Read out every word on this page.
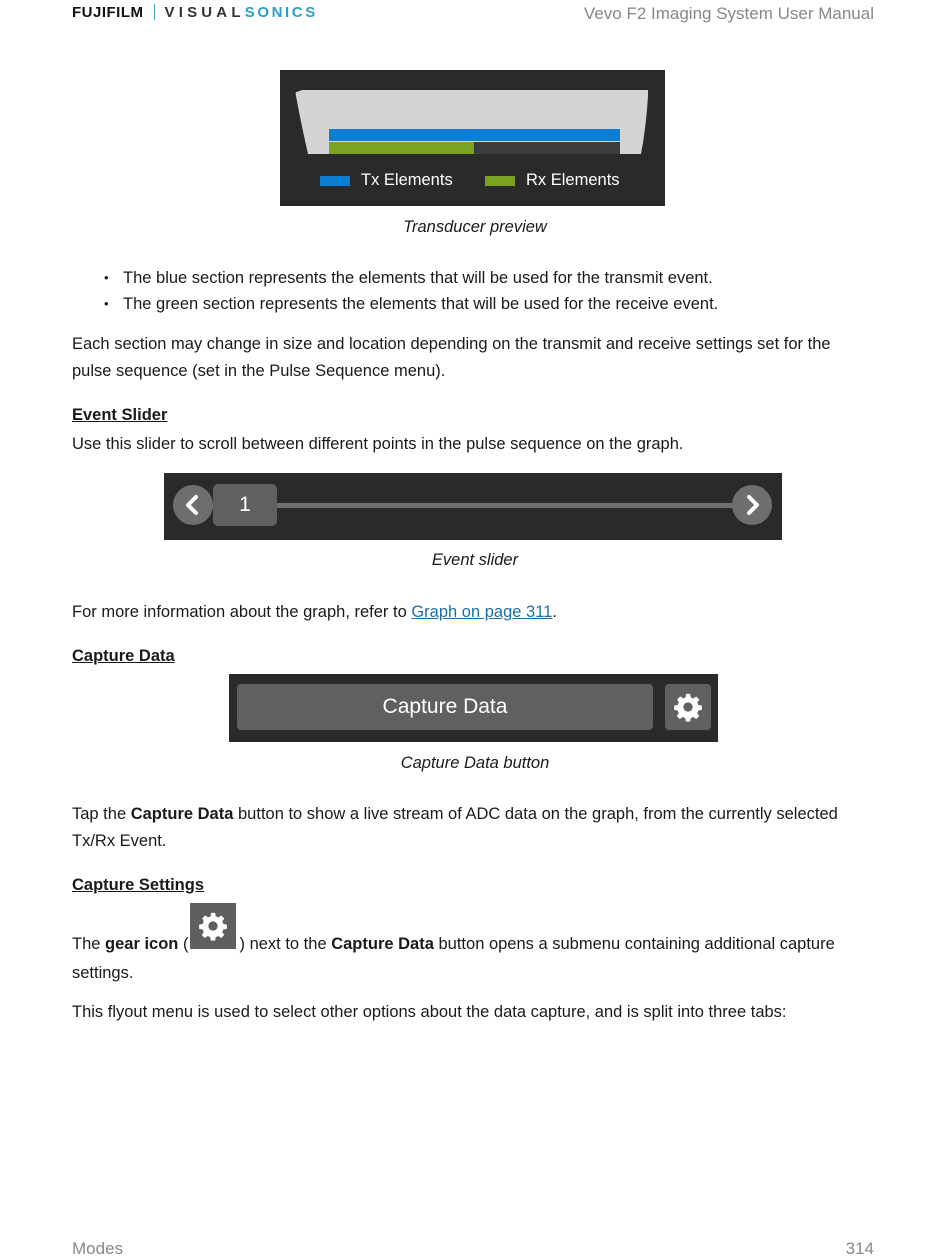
FUJIFILM VISUAL SONICS	Vevo F2 Imaging System User Manual
Tx Elements	Rx Elements
Transducer preview
• The blue section represents the elements that will be used for the transmit event.
• The green section represents the elements that will be used for the receive event.
Each section may change in size and location depending on the transmit and receive settings set for the
pulse sequence (set in the Pulse Sequence menu).
Event Slider
Use this slider to scroll between different points in the pulse sequence on the graph.
1
Event slider
For more information about the graph, refer to Graph on page 311.
Capture Data
Capture Data
Capture Data button
Tap the Capture Data button to show a live stream of ADC data on the graph, from the currently selected
Tx/Rx Event.
Capture Settings
The gear icon (	) next to the Capture Data button opens a submenu containing additional capture
settings.
This flyout menu is used to select other options about the data capture, and is split into three tabs:
Modes	314
